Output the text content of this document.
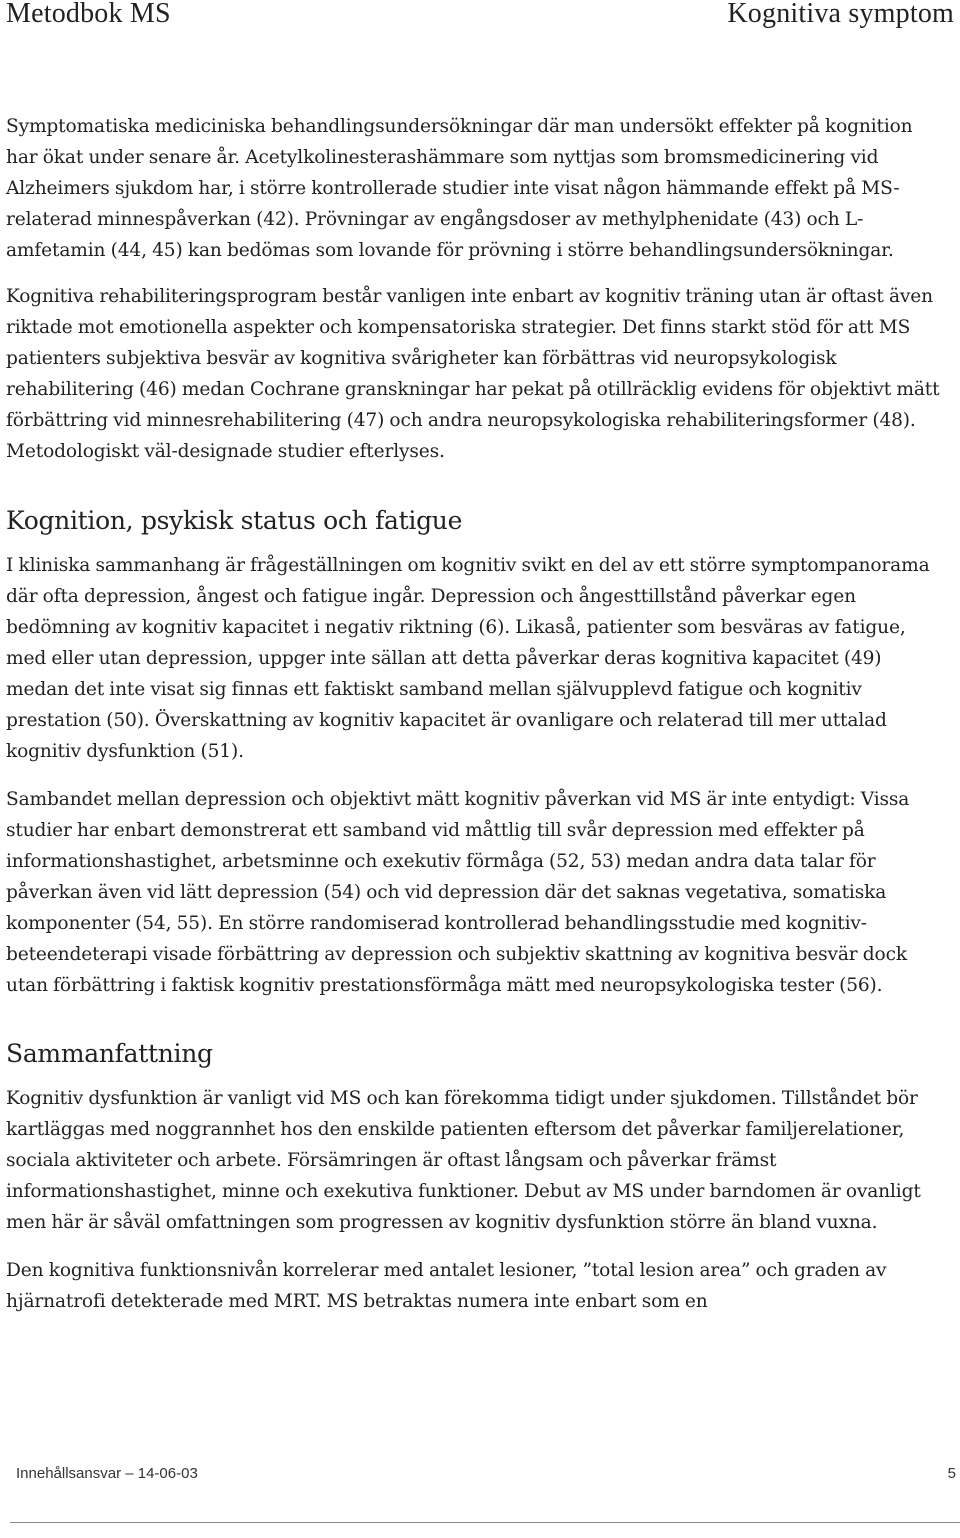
Metodbok MS	Kognitiva symptom

Symptomatiska mediciniska behandlingsundersökningar där man undersökt effekter på kognition har ökat under senare år. Acetylkolinesterashämmare som nyttjas som bromsmedicinering vid Alzheimers sjukdom har, i större kontrollerade studier inte visat någon hämmande effekt på MS-relaterad minnespåverkan (42). Prövningar av engångsdoser av methylphenidate (43) och L-amfetamin (44, 45) kan bedömas som lovande för prövning i större behandlingsundersökningar.

Kognitiva rehabiliteringsprogram består vanligen inte enbart av kognitiv träning utan är oftast även riktade mot emotionella aspekter och kompensatoriska strategier. Det finns starkt stöd för att MS patienters subjektiva besvär av kognitiva svårigheter kan förbättras vid neuropsykologisk rehabilitering (46) medan Cochrane granskningar har pekat på otillräcklig evidens för objektivt mätt förbättring vid minnesrehabilitering (47) och andra neuropsykologiska rehabiliteringsformer (48). Metodologiskt väl-designade studier efterlyses.

Kognition, psykisk status och fatigue

I kliniska sammanhang är frågeställningen om kognitiv svikt en del av ett större symptompanorama där ofta depression, ångest och fatigue ingår. Depression och ångesttillstånd påverkar egen bedömning av kognitiv kapacitet i negativ riktning (6). Likaså, patienter som besväras av fatigue, med eller utan depression, uppger inte sällan att detta påverkar deras kognitiva kapacitet (49) medan det inte visat sig finnas ett faktiskt samband mellan självupplevd fatigue och kognitiv prestation (50). Överskattning av kognitiv kapacitet är ovanligare och relaterad till mer uttalad kognitiv dysfunktion (51).

Sambandet mellan depression och objektivt mätt kognitiv påverkan vid MS är inte entydigt: Vissa studier har enbart demonstrerat ett samband vid måttlig till svår depression med effekter på informationshastighet, arbetsminne och exekutiv förmåga (52, 53) medan andra data talar för påverkan även vid lätt depression (54) och vid depression där det saknas vegetativa, somatiska komponenter (54, 55). En större randomiserad kontrollerad behandlingsstudie med kognitiv-beteendeterapi visade förbättring av depression och subjektiv skattning av kognitiva besvär dock utan förbättring i faktisk kognitiv prestationsförmåga mätt med neuropsykologiska tester (56).

Sammanfattning

Kognitiv dysfunktion är vanligt vid MS och kan förekomma tidigt under sjukdomen. Tillståndet bör kartläggas med noggrannhet hos den enskilde patienten eftersom det påverkar familjerelationer, sociala aktiviteter och arbete. Försämringen är oftast långsam och påverkar främst informationshastighet, minne och exekutiva funktioner. Debut av MS under barndomen är ovanligt men här är såväl omfattningen som progressen av kognitiv dysfunktion större än bland vuxna.

Den kognitiva funktionsnivån korrelerar med antalet lesioner, ”total lesion area” och graden av hjärnatrofi detekterade med MRT. MS betraktas numera inte enbart som en

Innehållsansvar – 14-06-03	5
